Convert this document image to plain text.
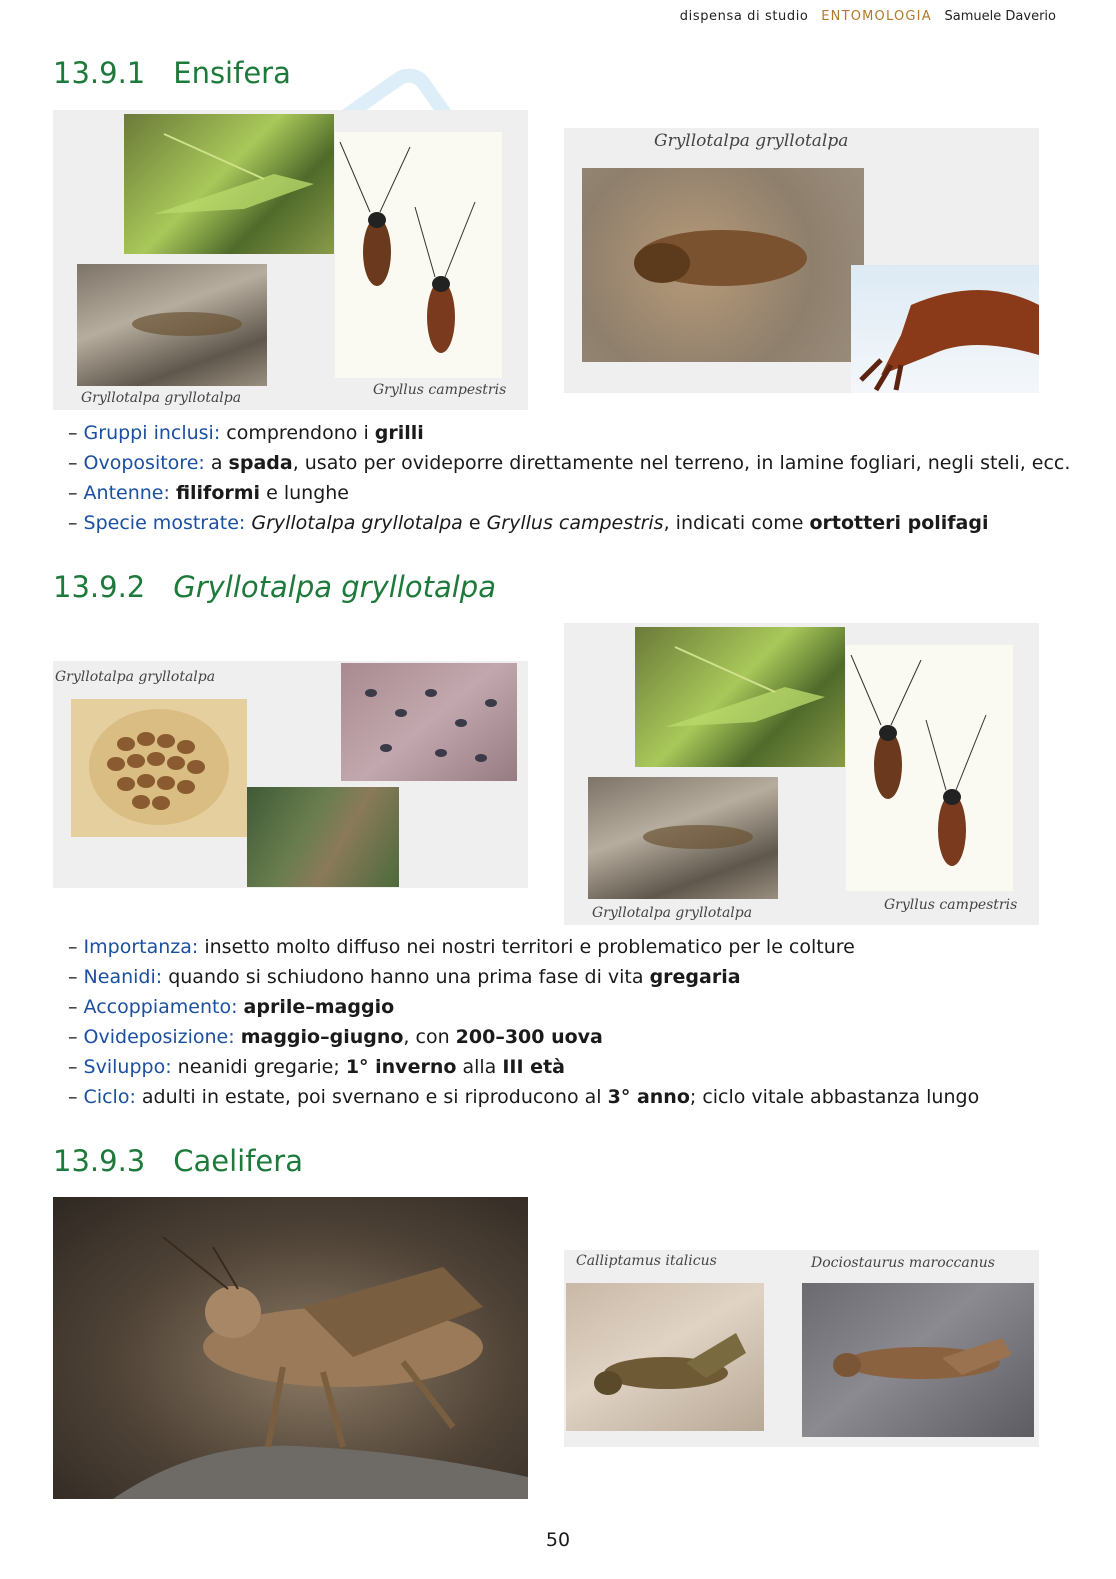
dispensa di studio ENTOMOLOGIA Samuele Daverio
13.9.1 Ensifera
Gryllotalpa gryllotalpa	Gryllus campestris
Gryllotalpa gryllotalpa
– Gruppi inclusi: comprendono i grilli
– Ovopositore: a spada, usato per ovideporre direttamente nel terreno, in lamine fogliari, negli steli, ecc.
– Antenne: filiformi e lunghe
– Specie mostrate: Gryllotalpa gryllotalpa e Gryllus campestris, indicati come ortotteri polifagi
13.9.2 Gryllotalpa gryllotalpa
Gryllotalpa gryllotalpa
Gryllotalpa gryllotalpa	Gryllus campestris
– Importanza: insetto molto diffuso nei nostri territori e problematico per le colture
– Neanidi: quando si schiudono hanno una prima fase di vita gregaria
– Accoppiamento: aprile–maggio
– Ovideposizione: maggio–giugno, con 200–300 uova
– Sviluppo: neanidi gregarie; 1° inverno alla III età
– Ciclo: adulti in estate, poi svernano e si riproducono al 3° anno; ciclo vitale abbastanza lungo
13.9.3 Caelifera
Calliptamus italicus	Dociostaurus maroccanus
50
